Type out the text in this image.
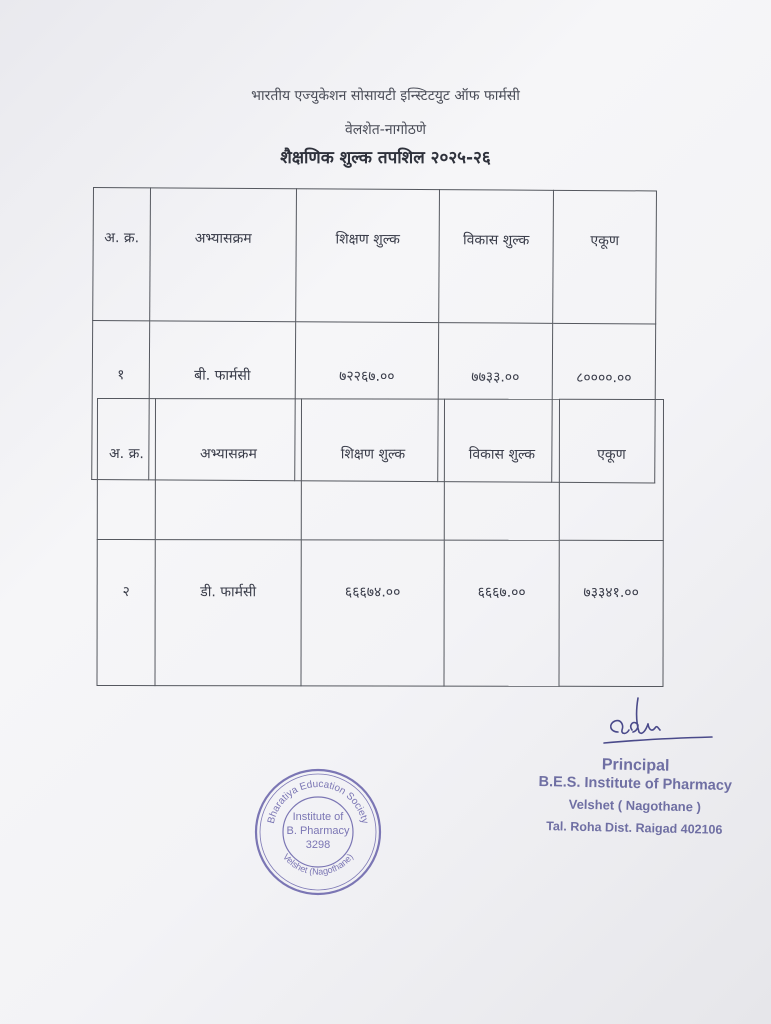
भारतीय एज्युकेशन सोसायटी इन्स्टिटयुट ऑफ फार्मसी
वेलशेत-नागोठणे
शैक्षणिक शुल्क तपशिल २०२५-२६
अ. क्र.	अभ्यासक्रम	शिक्षण शुल्क	विकास शुल्क	एकूण
१	बी. फार्मसी	७२२६७.००	७७३३.००	८००००.००
अ. क्र.	अभ्यासक्रम	शिक्षण शुल्क	विकास शुल्क	एकूण
२	डी. फार्मसी	६६६७४.००	६६६७.००	७३३४१.००
Principal
B.E.S. Institute of Pharmacy
Velshet ( Nagothane )
Tal. Roha Dist. Raigad 402106
Bharatiya Education Society
Velshet (Nagothane)
Institute of
B. Pharmacy
3298
